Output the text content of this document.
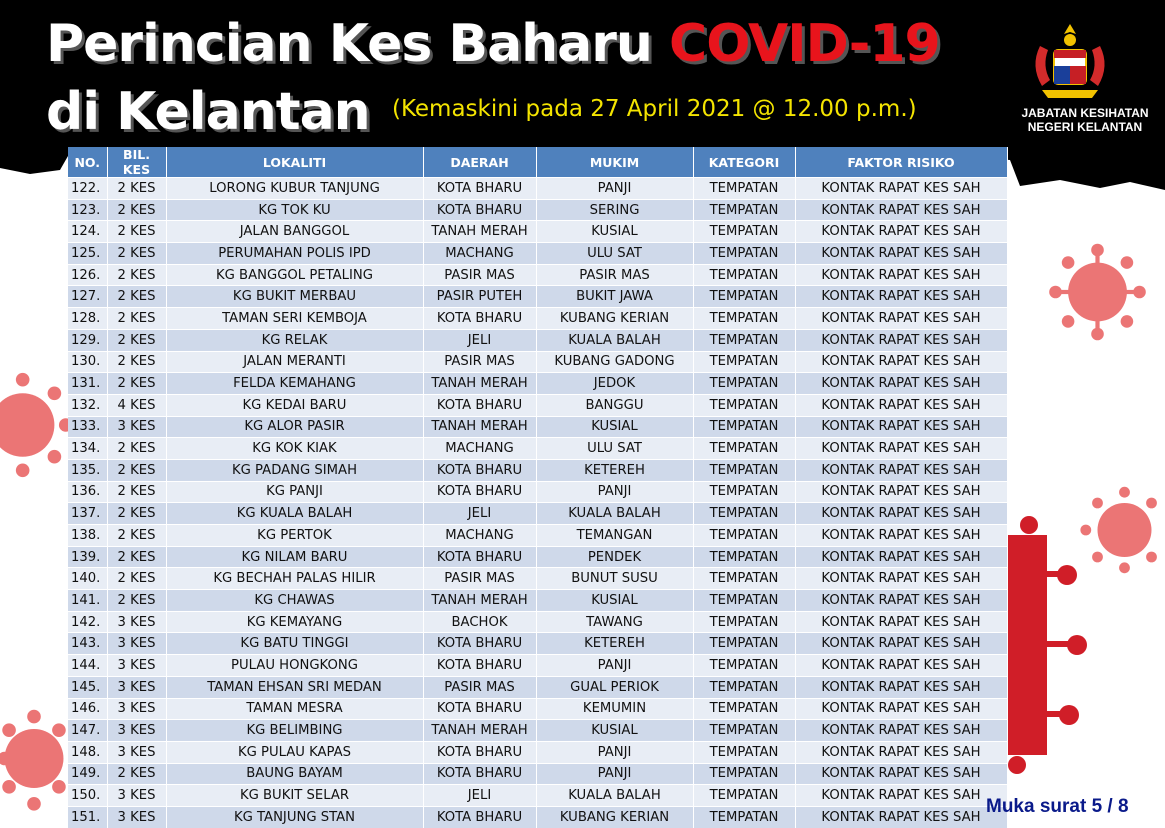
Perincian Kes Baharu COVID-19
di Kelantan (Kemaskini pada 27 April 2021 @ 12.00 p.m.)	JABATAN KESIHATAN
NEGERI KELANTAN
NO.	BIL. KES	LOKALITI	DAERAH	MUKIM	KATEGORI	FAKTOR RISIKO
122.	2 KES	LORONG KUBUR TANJUNG	KOTA BHARU	PANJI	TEMPATAN	KONTAK RAPAT KES SAH
123.	2 KES	KG TOK KU	KOTA BHARU	SERING	TEMPATAN	KONTAK RAPAT KES SAH
124.	2 KES	JALAN BANGGOL	TANAH MERAH	KUSIAL	TEMPATAN	KONTAK RAPAT KES SAH
125.	2 KES	PERUMAHAN POLIS IPD	MACHANG	ULU SAT	TEMPATAN	KONTAK RAPAT KES SAH
126.	2 KES	KG BANGGOL PETALING	PASIR MAS	PASIR MAS	TEMPATAN	KONTAK RAPAT KES SAH
127.	2 KES	KG BUKIT MERBAU	PASIR PUTEH	BUKIT JAWA	TEMPATAN	KONTAK RAPAT KES SAH
128.	2 KES	TAMAN SERI KEMBOJA	KOTA BHARU	KUBANG KERIAN	TEMPATAN	KONTAK RAPAT KES SAH
129.	2 KES	KG RELAK	JELI	KUALA BALAH	TEMPATAN	KONTAK RAPAT KES SAH
130.	2 KES	JALAN MERANTI	PASIR MAS	KUBANG GADONG	TEMPATAN	KONTAK RAPAT KES SAH
131.	2 KES	FELDA KEMAHANG	TANAH MERAH	JEDOK	TEMPATAN	KONTAK RAPAT KES SAH
132.	4 KES	KG KEDAI BARU	KOTA BHARU	BANGGU	TEMPATAN	KONTAK RAPAT KES SAH
133.	3 KES	KG ALOR PASIR	TANAH MERAH	KUSIAL	TEMPATAN	KONTAK RAPAT KES SAH
134.	2 KES	KG KOK KIAK	MACHANG	ULU SAT	TEMPATAN	KONTAK RAPAT KES SAH
135.	2 KES	KG PADANG SIMAH	KOTA BHARU	KETEREH	TEMPATAN	KONTAK RAPAT KES SAH
136.	2 KES	KG PANJI	KOTA BHARU	PANJI	TEMPATAN	KONTAK RAPAT KES SAH
137.	2 KES	KG KUALA BALAH	JELI	KUALA BALAH	TEMPATAN	KONTAK RAPAT KES SAH
138.	2 KES	KG PERTOK	MACHANG	TEMANGAN	TEMPATAN	KONTAK RAPAT KES SAH
139.	2 KES	KG NILAM BARU	KOTA BHARU	PENDEK	TEMPATAN	KONTAK RAPAT KES SAH
140.	2 KES	KG BECHAH PALAS HILIR	PASIR MAS	BUNUT SUSU	TEMPATAN	KONTAK RAPAT KES SAH
141.	2 KES	KG CHAWAS	TANAH MERAH	KUSIAL	TEMPATAN	KONTAK RAPAT KES SAH
142.	3 KES	KG KEMAYANG	BACHOK	TAWANG	TEMPATAN	KONTAK RAPAT KES SAH
143.	3 KES	KG BATU TINGGI	KOTA BHARU	KETEREH	TEMPATAN	KONTAK RAPAT KES SAH
144.	3 KES	PULAU HONGKONG	KOTA BHARU	PANJI	TEMPATAN	KONTAK RAPAT KES SAH
145.	3 KES	TAMAN EHSAN SRI MEDAN	PASIR MAS	GUAL PERIOK	TEMPATAN	KONTAK RAPAT KES SAH
146.	3 KES	TAMAN MESRA	KOTA BHARU	KEMUMIN	TEMPATAN	KONTAK RAPAT KES SAH
147.	3 KES	KG BELIMBING	TANAH MERAH	KUSIAL	TEMPATAN	KONTAK RAPAT KES SAH
148.	3 KES	KG PULAU KAPAS	KOTA BHARU	PANJI	TEMPATAN	KONTAK RAPAT KES SAH
149.	2 KES	BAUNG BAYAM	KOTA BHARU	PANJI	TEMPATAN	KONTAK RAPAT KES SAH
150.	3 KES	KG BUKIT SELAR	JELI	KUALA BALAH	TEMPATAN	KONTAK RAPAT KES SAH
151.	3 KES	KG TANJUNG STAN	KOTA BHARU	KUBANG KERIAN	TEMPATAN	KONTAK RAPAT KES SAH
Muka surat 5 / 8
